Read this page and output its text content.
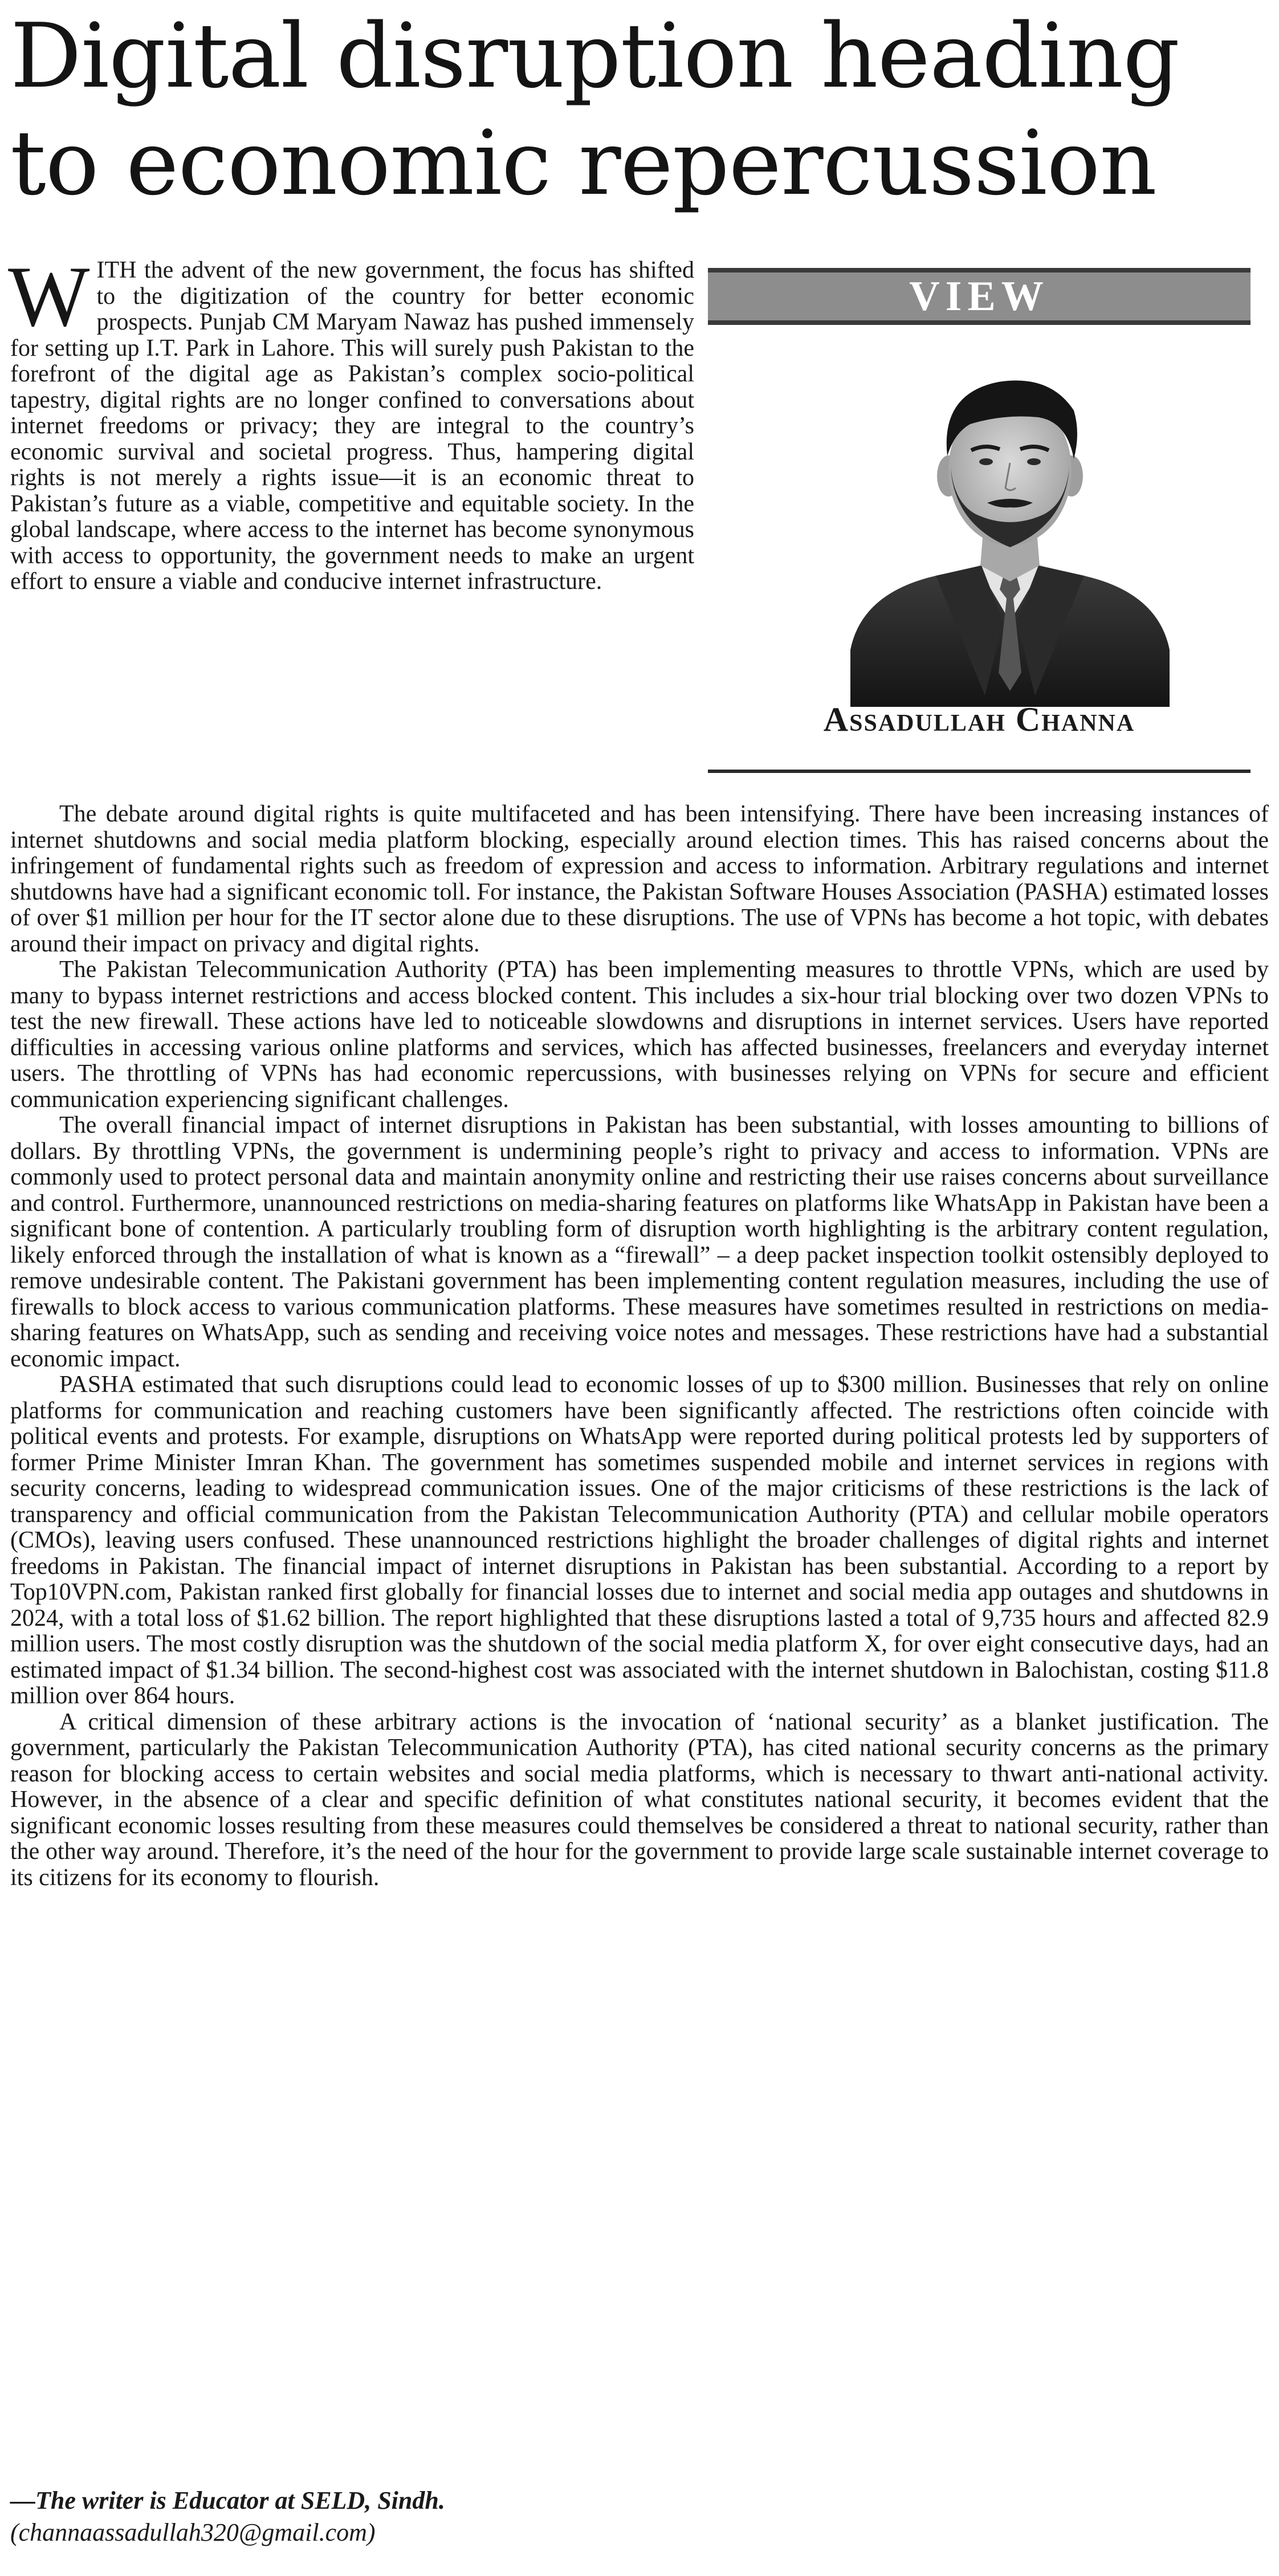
Digital disruption heading
to economic repercussion

WITH the advent of the new government, the focus has shifted to the digitization of the country for better economic prospects. Punjab CM Maryam Nawaz has pushed immensely for setting up I.T. Park in Lahore. This will surely push Pakistan to the forefront of the digital age as Pakistan’s complex socio-political tapestry, digital rights are no longer confined to conversations about internet freedoms or privacy; they are integral to the country’s economic survival and societal progress. Thus, hampering digital rights is not merely a rights issue—it is an economic threat to Pakistan’s future as a viable, competitive and equitable society. In the global landscape, where access to the internet has become synonymous with access to opportunity, the government needs to make an urgent effort to ensure a viable and conducive internet infrastructure.

VIEW
Assadullah Channa

The debate around digital rights is quite multifaceted and has been intensifying. There have been increasing instances of internet shutdowns and social media platform blocking, especially around election times. This has raised concerns about the infringement of fundamental rights such as freedom of expression and access to information. Arbitrary regulations and internet shutdowns have had a significant economic toll. For instance, the Pakistan Software Houses Association (PASHA) estimated losses of over $1 million per hour for the IT sector alone due to these disruptions. The use of VPNs has become a hot topic, with debates around their impact on privacy and digital rights.

The Pakistan Telecommunication Authority (PTA) has been implementing measures to throttle VPNs, which are used by many to bypass internet restrictions and access blocked content. This includes a six-hour trial blocking over two dozen VPNs to test the new firewall. These actions have led to noticeable slowdowns and disruptions in internet services. Users have reported difficulties in accessing various online platforms and services, which has affected businesses, freelancers and everyday internet users. The throttling of VPNs has had economic repercussions, with businesses relying on VPNs for secure and efficient communication experiencing significant challenges.

The overall financial impact of internet disruptions in Pakistan has been substantial, with losses amounting to billions of dollars. By throttling VPNs, the government is undermining people’s right to privacy and access to information. VPNs are commonly used to protect personal data and maintain anonymity online and restricting their use raises concerns about surveillance and control. Furthermore, unannounced restrictions on media-sharing features on platforms like WhatsApp in Pakistan have been a significant bone of contention. A particularly troubling form of disruption worth highlighting is the arbitrary content regulation, likely enforced through the installation of what is known as a “firewall” – a deep packet inspection toolkit ostensibly deployed to remove undesirable content. The Pakistani government has been implementing content regulation measures, including the use of firewalls to block access to various communication platforms. These measures have sometimes resulted in restrictions on media-sharing features on WhatsApp, such as sending and receiving voice notes and messages. These restrictions have had a substantial economic impact.

PASHA estimated that such disruptions could lead to economic losses of up to $300 million. Businesses that rely on online platforms for communication and reaching customers have been significantly affected. The restrictions often coincide with political events and protests. For example, disruptions on WhatsApp were reported during political protests led by supporters of former Prime Minister Imran Khan. The government has sometimes suspended mobile and internet services in regions with security concerns, leading to widespread communication issues. One of the major criticisms of these restrictions is the lack of transparency and official communication from the Pakistan Telecommunication Authority (PTA) and cellular mobile operators (CMOs), leaving users confused. These unannounced restrictions highlight the broader challenges of digital rights and internet freedoms in Pakistan. The financial impact of internet disruptions in Pakistan has been substantial. According to a report by Top10VPN.com, Pakistan ranked first globally for financial losses due to internet and social media app outages and shutdowns in 2024, with a total loss of $1.62 billion. The report highlighted that these disruptions lasted a total of 9,735 hours and affected 82.9 million users. The most costly disruption was the shutdown of the social media platform X, for over eight consecutive days, had an estimated impact of $1.34 billion. The second-highest cost was associated with the internet shutdown in Balochistan, costing $11.8 million over 864 hours.

A critical dimension of these arbitrary actions is the invocation of ‘national security’ as a blanket justification. The government, particularly the Pakistan Telecommunication Authority (PTA), has cited national security concerns as the primary reason for blocking access to certain websites and social media platforms, which is necessary to thwart anti-national activity. However, in the absence of a clear and specific definition of what constitutes national security, it becomes evident that the significant economic losses resulting from these measures could themselves be considered a threat to national security, rather than the other way around. Therefore, it’s the need of the hour for the government to provide large scale sustainable internet coverage to its citizens for its economy to flourish.

—The writer is Educator at SELD, Sindh.

(channaassadullah320@gmail.com)
